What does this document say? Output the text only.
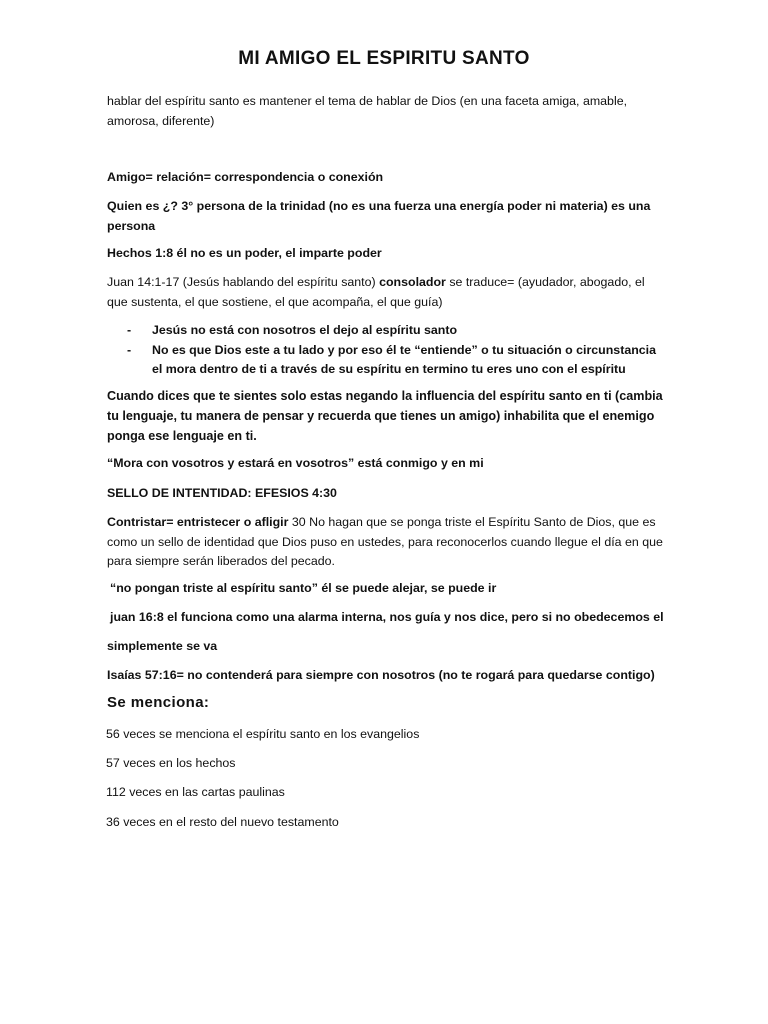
MI AMIGO EL ESPIRITU SANTO

hablar del espíritu santo es mantener el tema de hablar de Dios (en una faceta amiga, amable, amorosa, diferente)

Amigo= relación= correspondencia o conexión

Quien es ¿? 3° persona de la trinidad (no es una fuerza una energía poder ni materia) es una persona

Hechos 1:8 él no es un poder, el imparte poder

Juan 14:1-17 (Jesús hablando del espíritu santo) consolador se traduce= (ayudador, abogado, el que sustenta, el que sostiene, el que acompaña, el que guía)

- Jesús no está con nosotros el dejo al espíritu santo
- No es que Dios este a tu lado y por eso él te “entiende” o tu situación o circunstancia el mora dentro de ti a través de su espíritu en termino tu eres uno con el espíritu

Cuando dices que te sientes solo estas negando la influencia del espíritu santo en ti (cambia tu lenguaje, tu manera de pensar y recuerda que tienes un amigo) inhabilita que el enemigo ponga ese lenguaje en ti.

“Mora con vosotros y estará en vosotros” está conmigo y en mi

SELLO DE INTENTIDAD: EFESIOS 4:30

Contristar= entristecer o afligir 30 No hagan que se ponga triste el Espíritu Santo de Dios, que es como un sello de identidad que Dios puso en ustedes, para reconocerlos cuando llegue el día en que para siempre serán liberados del pecado.

“no pongan triste al espíritu santo” él se puede alejar, se puede ir

juan 16:8 el funciona como una alarma interna, nos guía y nos dice, pero si no obedecemos el

simplemente se va

Isaías 57:16= no contenderá para siempre con nosotros (no te rogará para quedarse contigo)

Se menciona:

56 veces se menciona el espíritu santo en los evangelios

57 veces en los hechos

112 veces en las cartas paulinas

36 veces en el resto del nuevo testamento
